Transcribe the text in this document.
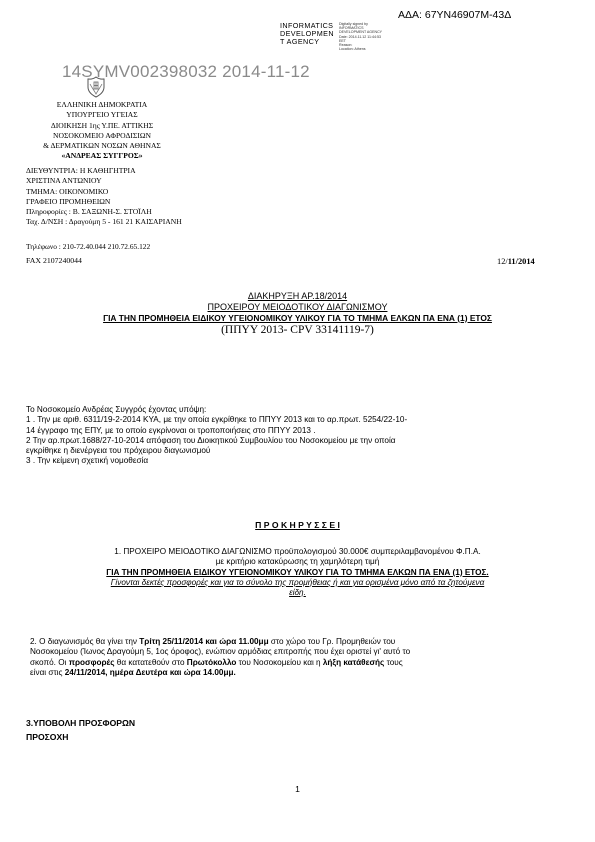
ΑΔΑ: 67ΥΝ46907Μ-43Δ
INFORMATICS
DEVELOPMEN
T AGENCY
Digitally signed by
INFORMATICS
DEVELOPMENT AGENCY
Date: 2014.11.12 11:44:53
EET
Reason:
Location: Athens
14SYMV002398032 2014-11-12
ΕΛΛΗΝΙΚΗ ΔΗΜΟΚΡΑΤΙΑ
ΥΠΟΥΡΓΕΙΟ ΥΓΕΙΑΣ
ΔΙΟΙΚΗΣΗ 1ης Υ.ΠΕ. ΑΤΤΙΚΗΣ
ΝΟΣΟΚΟΜΕΙΟ ΑΦΡΟΔΙΣΙΩΝ
& ΔΕΡΜΑΤΙΚΩΝ ΝΟΣΩΝ ΑΘΗΝΑΣ
«ΑΝΔΡΕΑΣ ΣΥΓΓΡΟΣ»
ΔΙΕΥΘΥΝΤΡΙΑ: Η ΚΑΘΗΓΗΤΡΙΑ
ΧΡΙΣΤΙΝΑ ΑΝΤΩΝΙΟΥ
ΤΜΗΜΑ: ΟΙΚΟΝΟΜΙΚΟ
ΓΡΑΦΕΙΟ ΠΡΟΜΗΘΕΙΩΝ
Πληροφορίες : Β. ΣΑΞΩΝΗ-Σ. ΣΤΟΪΛΗ
Ταχ. Δ/ΝΣΗ : Δραγούμη 5 - 161 21 ΚΑΙΣΑΡΙΑΝΗ
Τηλέφωνο : 210-72.40.044 210.72.65.122
FAX 2107240044	12/11/2014
ΔΙΑΚΗΡΥΞΗ ΑΡ.18/2014
ΠΡΟΧΕΙΡΟΥ ΜΕΙΟΔΟΤΙΚΟΥ ΔΙΑΓΩΝΙΣΜΟΥ
ΓΙΑ ΤΗΝ ΠΡΟΜΗΘΕΙΑ ΕΙΔΙΚΟΥ ΥΓΕΙΟΝΟΜΙΚΟΥ ΥΛΙΚΟΥ ΓΙΑ ΤΟ ΤΜΗΜΑ ΕΛΚΩΝ ΠΑ ΕΝΑ (1) ΕΤΟΣ
(ΠΠΥΥ 2013- CPV 33141119-7)
Το Νοσοκομείο Ανδρέας Συγγρός έχοντας υπόψη:
1 . Την με αριθ. 6311/19-2-2014 ΚΥΑ, με την οποία εγκρίθηκε το ΠΠΥΥ 2013 και το αρ.πρωτ. 5254/22-10-
14 έγγραφο της ΕΠΥ, με το οποίο εγκρίνοναι οι τροποποιήσεις στο ΠΠΥΥ 2013 .
2 Την αρ.πρωτ.1688/27-10-2014 απόφαση του Διοικητικού Συμβουλίου του Νοσοκομείου με την οποία
εγκρίθηκε η διενέργεια του πρόχειρου διαγωνισμού
3 . Την κείμενη σχετική νομοθεσία
Π Ρ Ο Κ Η Ρ Υ Σ Σ Ε Ι
1. ΠΡΟΧΕΙΡΟ ΜΕΙΟΔΟΤΙΚΟ ΔΙΑΓΩΝΙΣΜΟ προϋπολογισμού 30.000€ συμπεριλαμβανομένου Φ.Π.Α.
με κριτήριο κατακύρωσης τη χαμηλότερη τιμή
ΓΙΑ ΤΗΝ ΠΡΟΜΗΘΕΙΑ ΕΙΔΙΚΟΥ ΥΓΕΙΟΝΟΜΙΚΟΥ ΥΛΙΚΟΥ ΓΙΑ ΤΟ ΤΜΗΜΑ ΕΛΚΩΝ ΠΑ ΕΝΑ (1) ΕΤΟΣ.
Γίνονται δεκτές προσφορές και για το σύνολο της προμήθειας ή και για ορισμένα μόνο από τα ζητούμενα
είδη.
2. Ο διαγωνισμός θα γίνει την Τρίτη 25/11/2014 και ώρα 11.00μμ στο χώρο του Γρ. Προμηθειών του
Νοσοκομείου (Ίωνος Δραγούμη 5, 1ος όροφος), ενώπιον αρμόδιας επιτροπής που έχει οριστεί γι' αυτό το
σκοπό. Οι προσφορές θα κατατεθούν στο Πρωτόκολλο του Νοσοκομείου και η λήξη κατάθεσής τους
είναι στις 24/11/2014, ημέρα Δευτέρα και ώρα 14.00μμ.
3.ΥΠΟΒΟΛΗ ΠΡΟΣΦΟΡΩΝ
ΠΡΟΣΟΧΗ
1
